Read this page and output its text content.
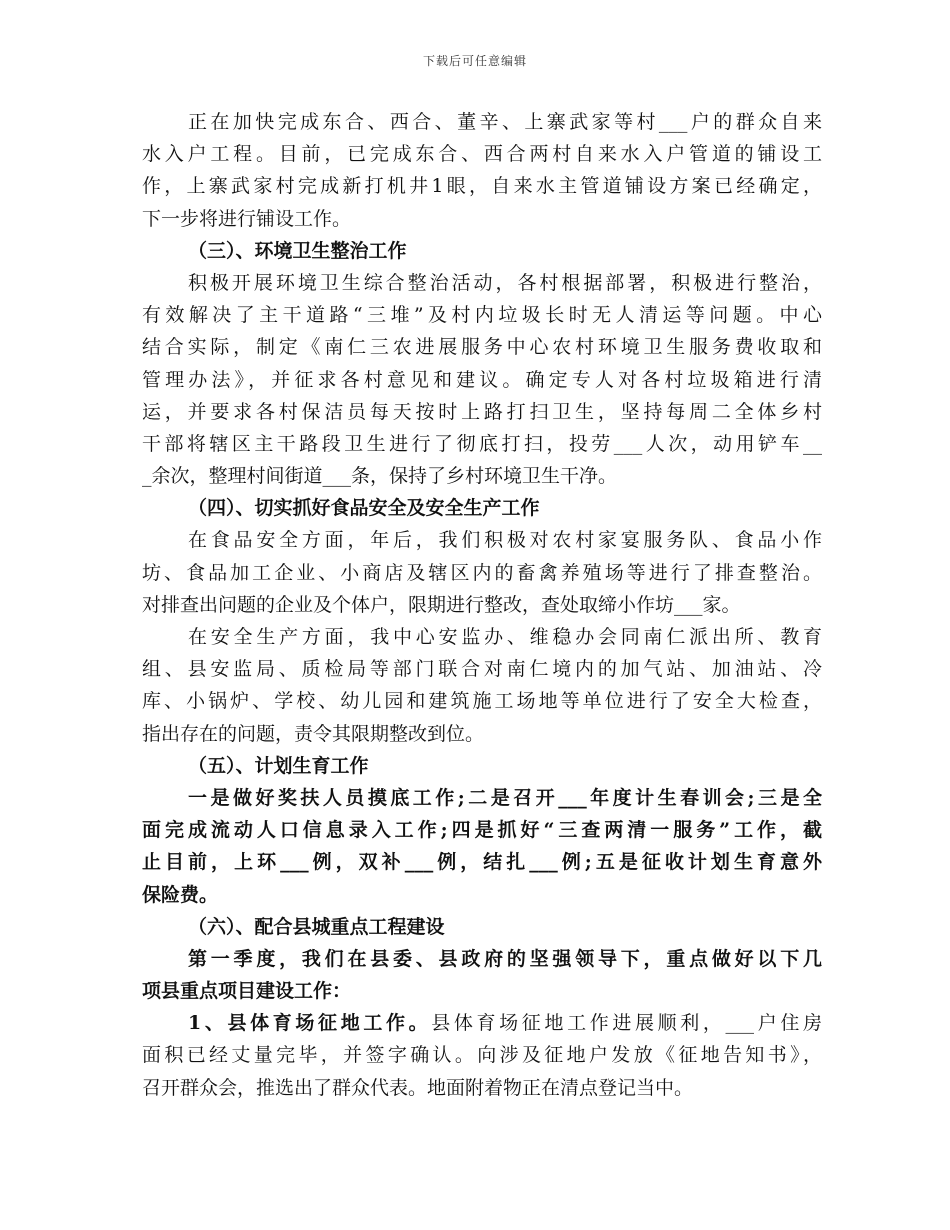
下载后可任意编辑
正在加快完成东合、西合、董辛、上寨武家等村___户的群众自来
水入户工程。目前，已完成东合、西合两村自来水入户管道的铺设工
作，上寨武家村完成新打机井1眼，自来水主管道铺设方案已经确定，
下一步将进行铺设工作。
（三）、环境卫生整治工作
积极开展环境卫生综合整治活动，各村根据部署，积极进行整治，
有效解决了主干道路“三堆”及村内垃圾长时无人清运等问题。中心
结合实际，制定《南仁三农进展服务中心农村环境卫生服务费收取和
管理办法》，并征求各村意见和建议。确定专人对各村垃圾箱进行清
运，并要求各村保洁员每天按时上路打扫卫生，坚持每周二全体乡村
干部将辖区主干路段卫生进行了彻底打扫，投劳___人次，动用铲车__
_余次，整理村间街道___条，保持了乡村环境卫生干净。
（四）、切实抓好食品安全及安全生产工作
在食品安全方面，年后，我们积极对农村家宴服务队、食品小作
坊、食品加工企业、小商店及辖区内的畜禽养殖场等进行了排查整治。
对排查出问题的企业及个体户，限期进行整改，查处取缔小作坊___家。
在安全生产方面，我中心安监办、维稳办会同南仁派出所、教育
组、县安监局、质检局等部门联合对南仁境内的加气站、加油站、冷
库、小锅炉、学校、幼儿园和建筑施工场地等单位进行了安全大检查，
指出存在的问题，责令其限期整改到位。
（五）、计划生育工作
一是做好奖扶人员摸底工作;二是召开___年度计生春训会;三是全
面完成流动人口信息录入工作;四是抓好“三查两清一服务”工作，截
止目前，上环___例，双补___例，结扎___例;五是征收计划生育意外
保险费。
（六）、配合县城重点工程建设
第一季度，我们在县委、县政府的坚强领导下，重点做好以下几
项县重点项目建设工作：
1、县体育场征地工作。县体育场征地工作进展顺利，___户住房
面积已经丈量完毕，并签字确认。向涉及征地户发放《征地告知书》，
召开群众会，推选出了群众代表。地面附着物正在清点登记当中。
